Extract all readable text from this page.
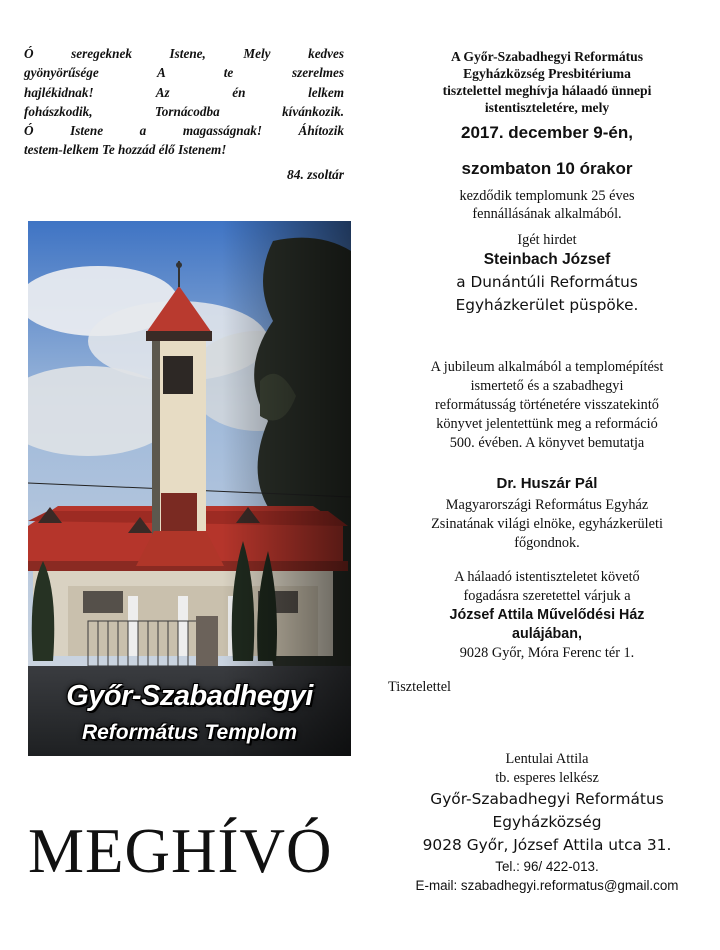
Ó seregeknek Istene, Mely kedves
gyönyörűsége A te szerelmes
hajlékidnak! Az én lelkem
fohászkodik, Tornácodba kívánkozik.
Ó Istene a magasságnak! Áhítozik
testem-lelkem Te hozzád élő Istenem!
84. zsoltár
Győr-Szabadhegyi
Református Templom
MEGHÍVÓ
A Győr-Szabadhegyi Református
Egyházközség Presbitériuma
tisztelettel meghívja hálaadó ünnepi
istentiszteletére, mely
2017. december 9-én,
szombaton 10 órakor
kezdődik templomunk 25 éves
fennállásának alkalmából.
Igét hirdet
Steinbach József
a Dunántúli Református
Egyházkerület püspöke.
A jubileum alkalmából a templomépítést
ismertető és a szabadhegyi
reformátusság történetére visszatekintő
könyvet jelentettünk meg a reformáció
500. évében. A könyvet bemutatja
Dr. Huszár Pál
Magyarországi Református Egyház
Zsinatának világi elnöke, egyházkerületi
főgondnok.
A hálaadó istentiszteletet követő
fogadásra szeretettel várjuk a
József Attila Művelődési Ház
aulájában,
9028 Győr, Móra Ferenc tér 1.
Tisztelettel
Lentulai Attila
tb. esperes lelkész
Győr-Szabadhegyi Református
Egyházközség
9028 Győr, József Attila utca 31.
Tel.: 96/ 422-013.
E-mail: szabadhegyi.reformatus@gmail.com
